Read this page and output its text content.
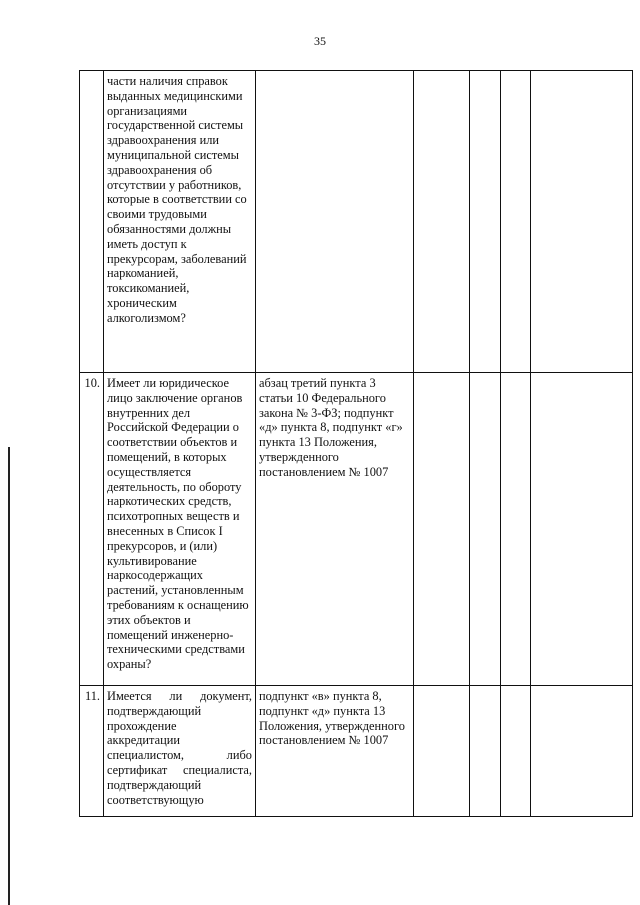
35
	части наличия справок выданных медицинскими организациями государственной системы здравоохранения или муниципальной системы здравоохранения об отсутствии у работников, которые в соответствии со своими трудовыми обязанностями должны иметь доступ к прекурсорам, заболеваний наркоманией, токсикоманией, хроническим алкоголизмом?					
10.	Имеет ли юридическое лицо заключение органов внутренних дел Российской Федерации о соответствии объектов и помещений, в которых осуществляется деятельность, по обороту наркотических средств, психотропных веществ и внесенных в Список I прекурсоров, и (или) культивирование наркосодержащих растений, установленным требованиям к оснащению этих объектов и помещений инженерно-техническими средствами охраны?	абзац третий пункта 3 статьи 10 Федерального закона № 3-ФЗ; подпункт «д» пункта 8, подпункт «г» пункта 13 Положения, утвержденного постановлением № 1007				
11.	Имеется ли документ, подтверждающий прохождение аккредитации специалистом, либо сертификат специалиста, подтверждающий соответствующую	подпункт «в» пункта 8, подпункт «д» пункта 13 Положения, утвержденного постановлением № 1007				
